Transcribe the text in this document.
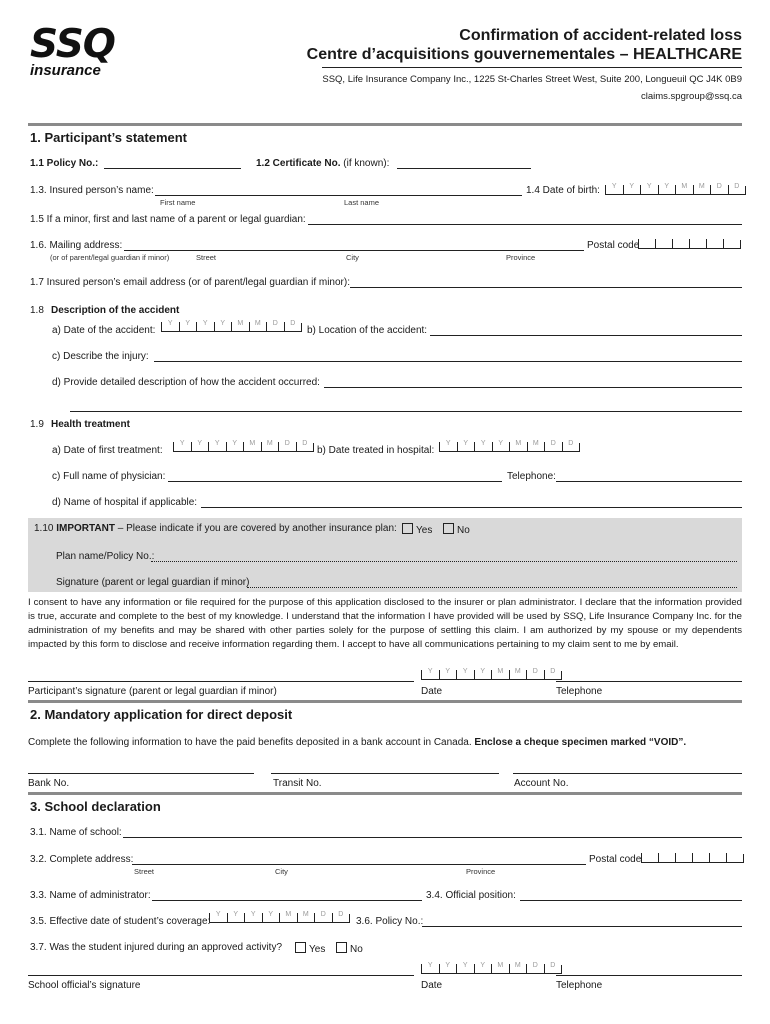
SSQ
insurance
Confirmation of accident-related loss
Centre d’acquisitions gouvernementales – HEALTHCARE
SSQ, Life Insurance Company Inc., 1225 St-Charles Street West, Suite 200, Longueuil QC J4K 0B9
claims.spgroup@ssq.ca
1. Participant’s statement
1.1 Policy No.:	1.2 Certificate No. (if known):
1.3. Insured person’s name:
First name	Last name
1.4 Date of birth:	Y	Y	Y	Y	M	M	D	D
1.5 If a minor, first and last name of a parent or legal guardian:
1.6. Mailing address:
(or of parent/legal guardian if minor)	Street	City	Province
Postal code
1.7 Insured person’s email address (or of parent/legal guardian if minor):
1.8 Description of the accident
a) Date of the accident:
Y	Y	Y	Y	M	M	D	D
b) Location of the accident:
c) Describe the injury:
d) Provide detailed description of how the accident occurred:
1.9 Health treatment
a) Date of first treatment:
Y	Y	Y	Y	M	M	D	D
b) Date treated in hospital:
Y	Y	Y	Y	M	M	D	D
c) Full name of physician:	Telephone:
d) Name of hospital if applicable:
1.10 IMPORTANT – Please indicate if you are covered by another insurance plan:	Yes	No
Plan name/Policy No.:
Signature (parent or legal guardian if minor)
I consent to have any information or file required for the purpose of this application disclosed to the insurer or plan administrator. I declare that the information provided is true, accurate and complete to the best of my knowledge. I understand that the information I have provided will be used by SSQ, Life Insurance Company Inc. for the administration of my benefits and may be shared with other parties solely for the purpose of settling this claim. I am authorized by my spouse or my dependents impacted by this form to disclose and receive information regarding them. I accept to have all communications pertaining to my claim sent to me by email.
Y	Y	Y	Y	M	M	D	D
Participant’s signature (parent or legal guardian if minor)	Date	Telephone
2. Mandatory application for direct deposit
Complete the following information to have the paid benefits deposited in a bank account in Canada. Enclose a cheque specimen marked “VOID”.
Bank No.	Transit No.	Account No.
3. School declaration
3.1. Name of school:
3.2. Complete address:
Street	City	Province
Postal code
3.3. Name of administrator:	3.4. Official position:
3.5. Effective date of student’s coverage:
Y	Y	Y	Y	M	M	D	D
3.6. Policy No.:
3.7. Was the student injured during an approved activity?	Yes	No
Y	Y	Y	Y	M	M	D	D
School official’s signature	Date	Telephone
